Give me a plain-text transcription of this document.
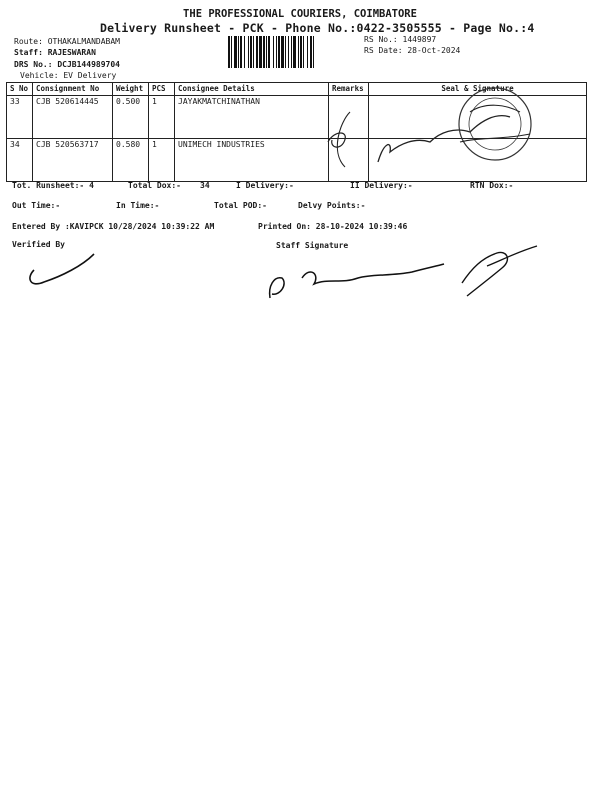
THE PROFESSIONAL COURIERS, COIMBATORE
Delivery Runsheet - PCK - Phone No.:0422-3505555 - Page No.:4
Route: OTHAKALMANDABAM
Staff: RAJESWARAN
DRS No.: DCJB144989704
Vehicle: EV Delivery
RS No.: 1449897
RS Date: 28-Oct-2024
S No	Consignment No	Weight	PCS	Consignee Details	Remarks	Seal & Signature
33	CJB 520614445	0.500	1	JAYAKMATCHINATHAN		
34	CJB 520563717	0.580	1	UNIMECH INDUSTRIES		
Tot. Runsheet:- 4	Total Dox:- 34	I Delivery:-	II Delivery:-	RTN Dox:-
Out Time:-	In Time:-	Total POD:-	Delvy Points:-
Entered By :KAVIPCK 10/28/2024 10:39:22 AM	Printed On: 28-10-2024 10:39:46
Verified By	Staff Signature
